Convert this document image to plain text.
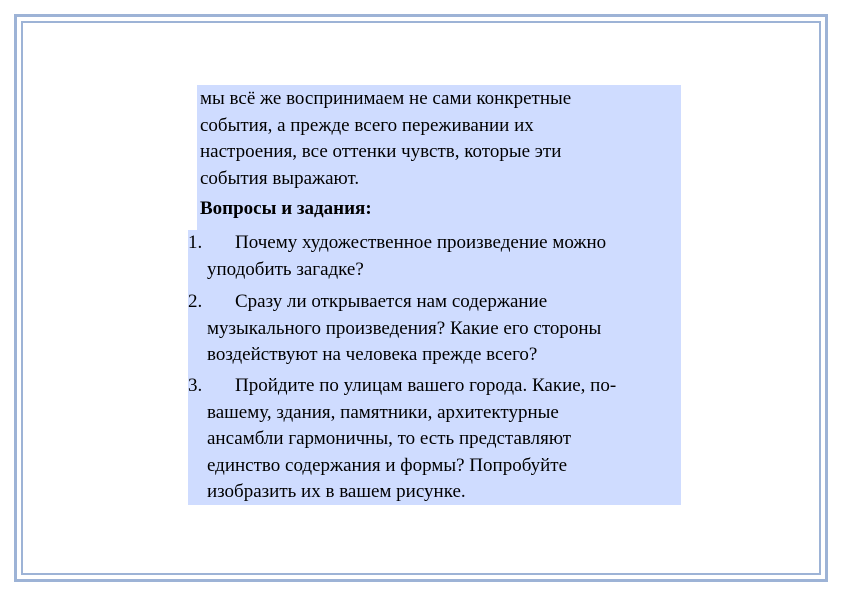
мы всё же воспринимаем не сами конкретные
события, а прежде всего переживании их
настроения, все оттенки чувств, которые эти
события выражают.
Вопросы и задания:
1. Почему художественное произведение можно
уподобить загадке?
2. Сразу ли открывается нам содержание
музыкального произведения? Какие его стороны
воздействуют на человека прежде всего?
3. Пройдите по улицам вашего города. Какие, по-
вашему, здания, памятники, архитектурные
ансамбли гармоничны, то есть представляют
единство содержания и формы? Попробуйте
изобразить их в вашем рисунке.
